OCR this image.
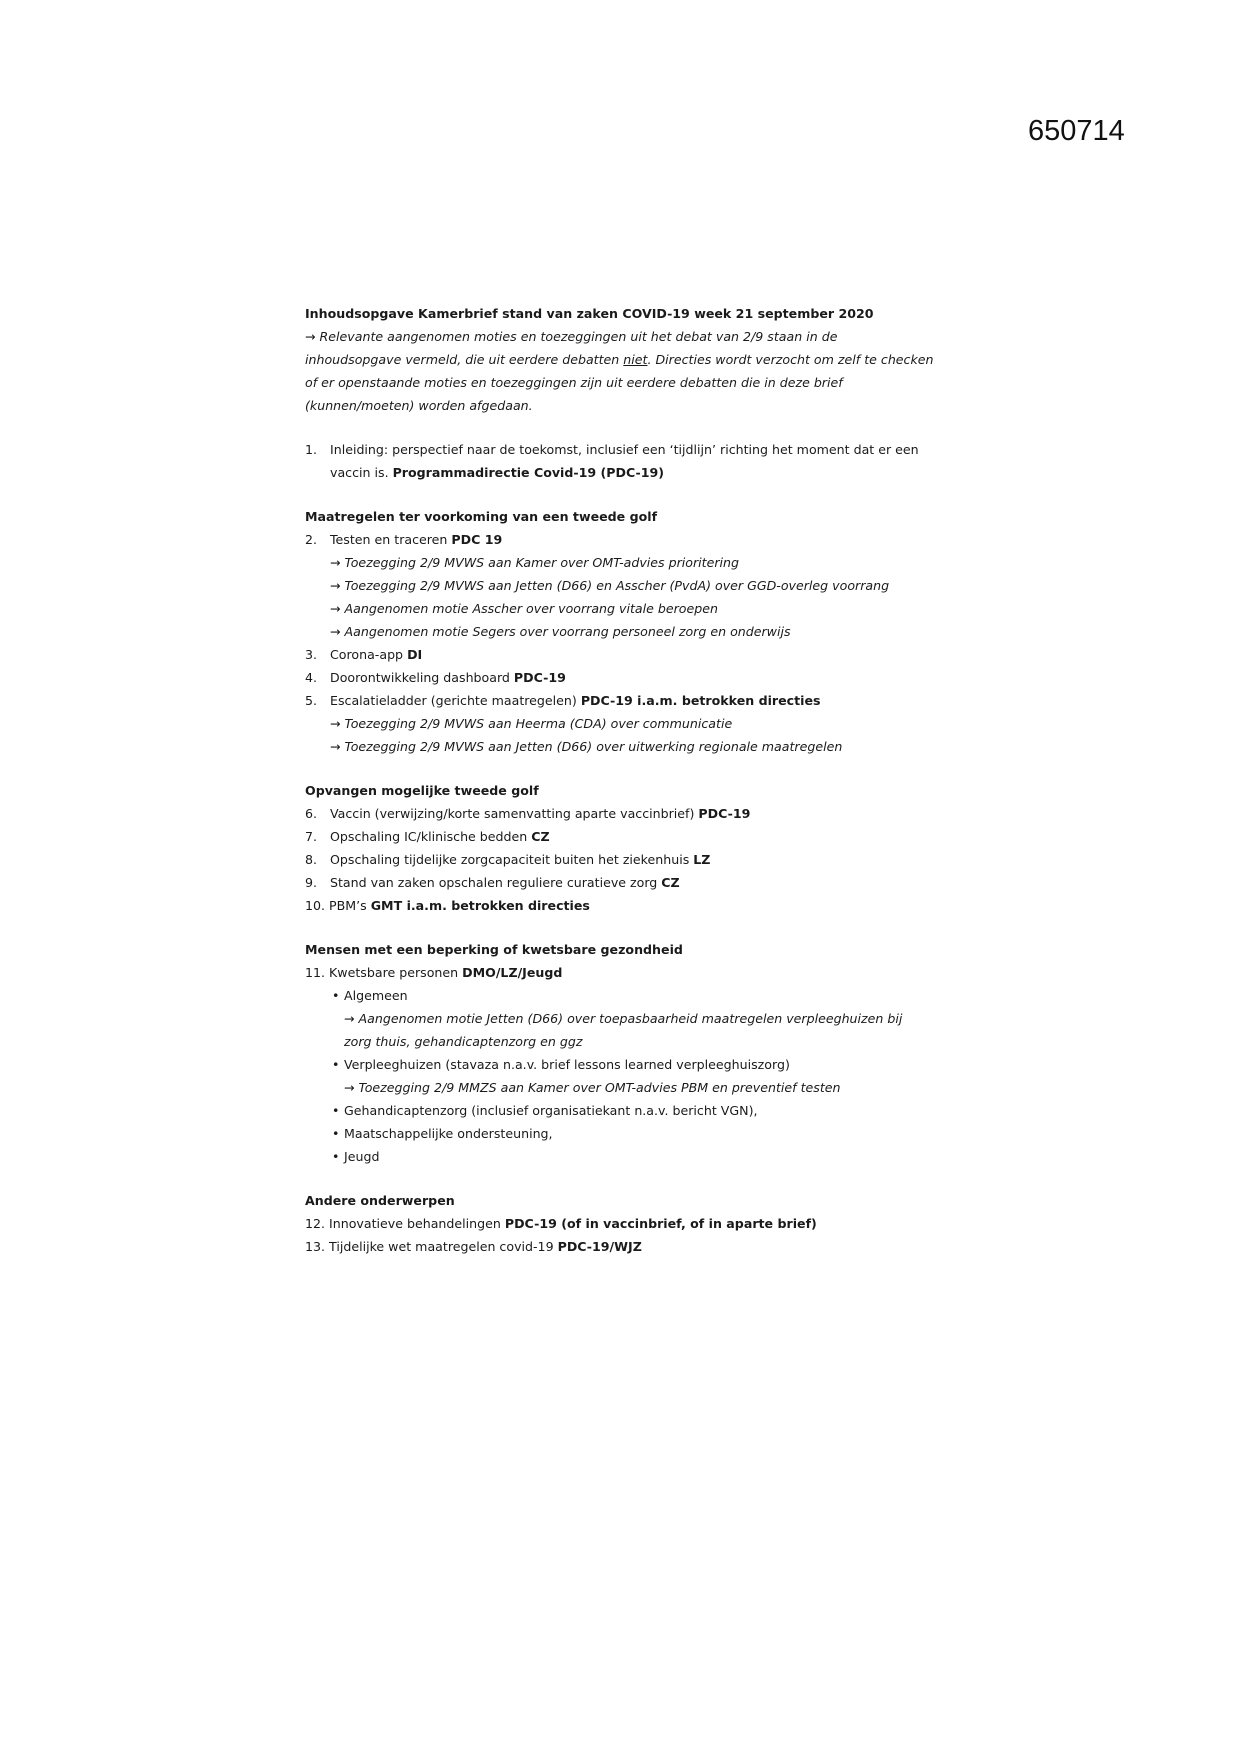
650714
Inhoudsopgave Kamerbrief stand van zaken COVID-19 week 21 september 2020
→ Relevante aangenomen moties en toezeggingen uit het debat van 2/9 staan in de
inhoudsopgave vermeld, die uit eerdere debatten niet. Directies wordt verzocht om zelf te checken
of er openstaande moties en toezeggingen zijn uit eerdere debatten die in deze brief
(kunnen/moeten) worden afgedaan.
1. Inleiding: perspectief naar de toekomst, inclusief een ‘tijdlijn’ richting het moment dat er een
vaccin is. Programmadirectie Covid-19 (PDC-19)
Maatregelen ter voorkoming van een tweede golf
2. Testen en traceren PDC 19
→ Toezegging 2/9 MVWS aan Kamer over OMT-advies prioritering
→ Toezegging 2/9 MVWS aan Jetten (D66) en Asscher (PvdA) over GGD-overleg voorrang
→ Aangenomen motie Asscher over voorrang vitale beroepen
→ Aangenomen motie Segers over voorrang personeel zorg en onderwijs
3. Corona-app DI
4. Doorontwikkeling dashboard PDC-19
5. Escalatieladder (gerichte maatregelen) PDC-19 i.a.m. betrokken directies
→ Toezegging 2/9 MVWS aan Heerma (CDA) over communicatie
→ Toezegging 2/9 MVWS aan Jetten (D66) over uitwerking regionale maatregelen
Opvangen mogelijke tweede golf
6. Vaccin (verwijzing/korte samenvatting aparte vaccinbrief) PDC-19
7. Opschaling IC/klinische bedden CZ
8. Opschaling tijdelijke zorgcapaciteit buiten het ziekenhuis LZ
9. Stand van zaken opschalen reguliere curatieve zorg CZ
10. PBM’s GMT i.a.m. betrokken directies
Mensen met een beperking of kwetsbare gezondheid
11. Kwetsbare personen DMO/LZ/Jeugd
• Algemeen
→ Aangenomen motie Jetten (D66) over toepasbaarheid maatregelen verpleeghuizen bij
zorg thuis, gehandicaptenzorg en ggz
• Verpleeghuizen (stavaza n.a.v. brief lessons learned verpleeghuiszorg)
→ Toezegging 2/9 MMZS aan Kamer over OMT-advies PBM en preventief testen
• Gehandicaptenzorg (inclusief organisatiekant n.a.v. bericht VGN),
• Maatschappelijke ondersteuning,
• Jeugd
Andere onderwerpen
12. Innovatieve behandelingen PDC-19 (of in vaccinbrief, of in aparte brief)
13. Tijdelijke wet maatregelen covid-19 PDC-19/WJZ
